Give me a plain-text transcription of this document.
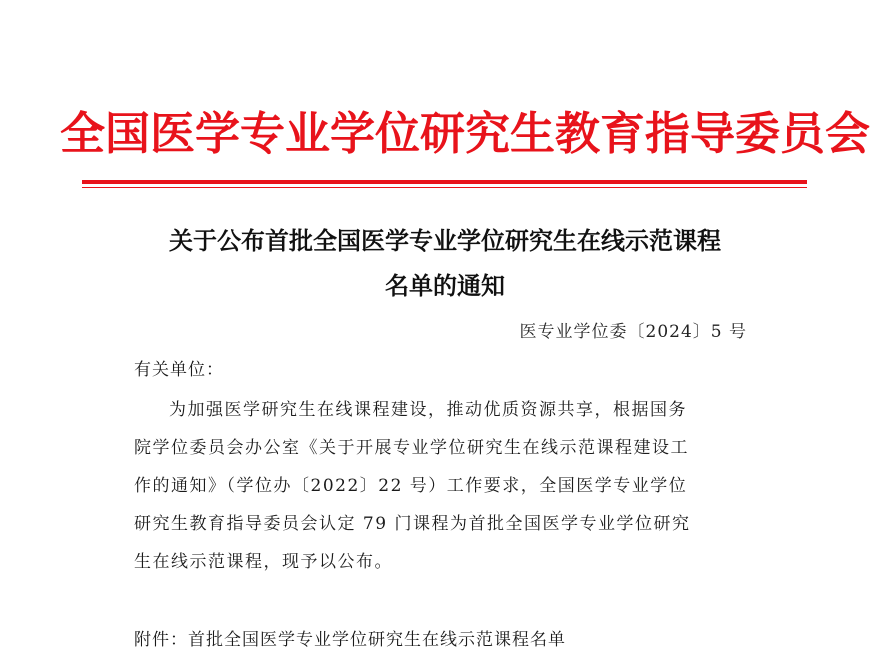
全国医学专业学位研究生教育指导委员会
关于公布首批全国医学专业学位研究生在线示范课程
名单的通知
医专业学位委〔2024〕5 号
有关单位：
为加强医学研究生在线课程建设，推动优质资源共享，根据国务
院学位委员会办公室《关于开展专业学位研究生在线示范课程建设工
作的通知》（学位办〔2022〕22 号）工作要求，全国医学专业学位
研究生教育指导委员会认定 79 门课程为首批全国医学专业学位研究
生在线示范课程，现予以公布。
附件：首批全国医学专业学位研究生在线示范课程名单
